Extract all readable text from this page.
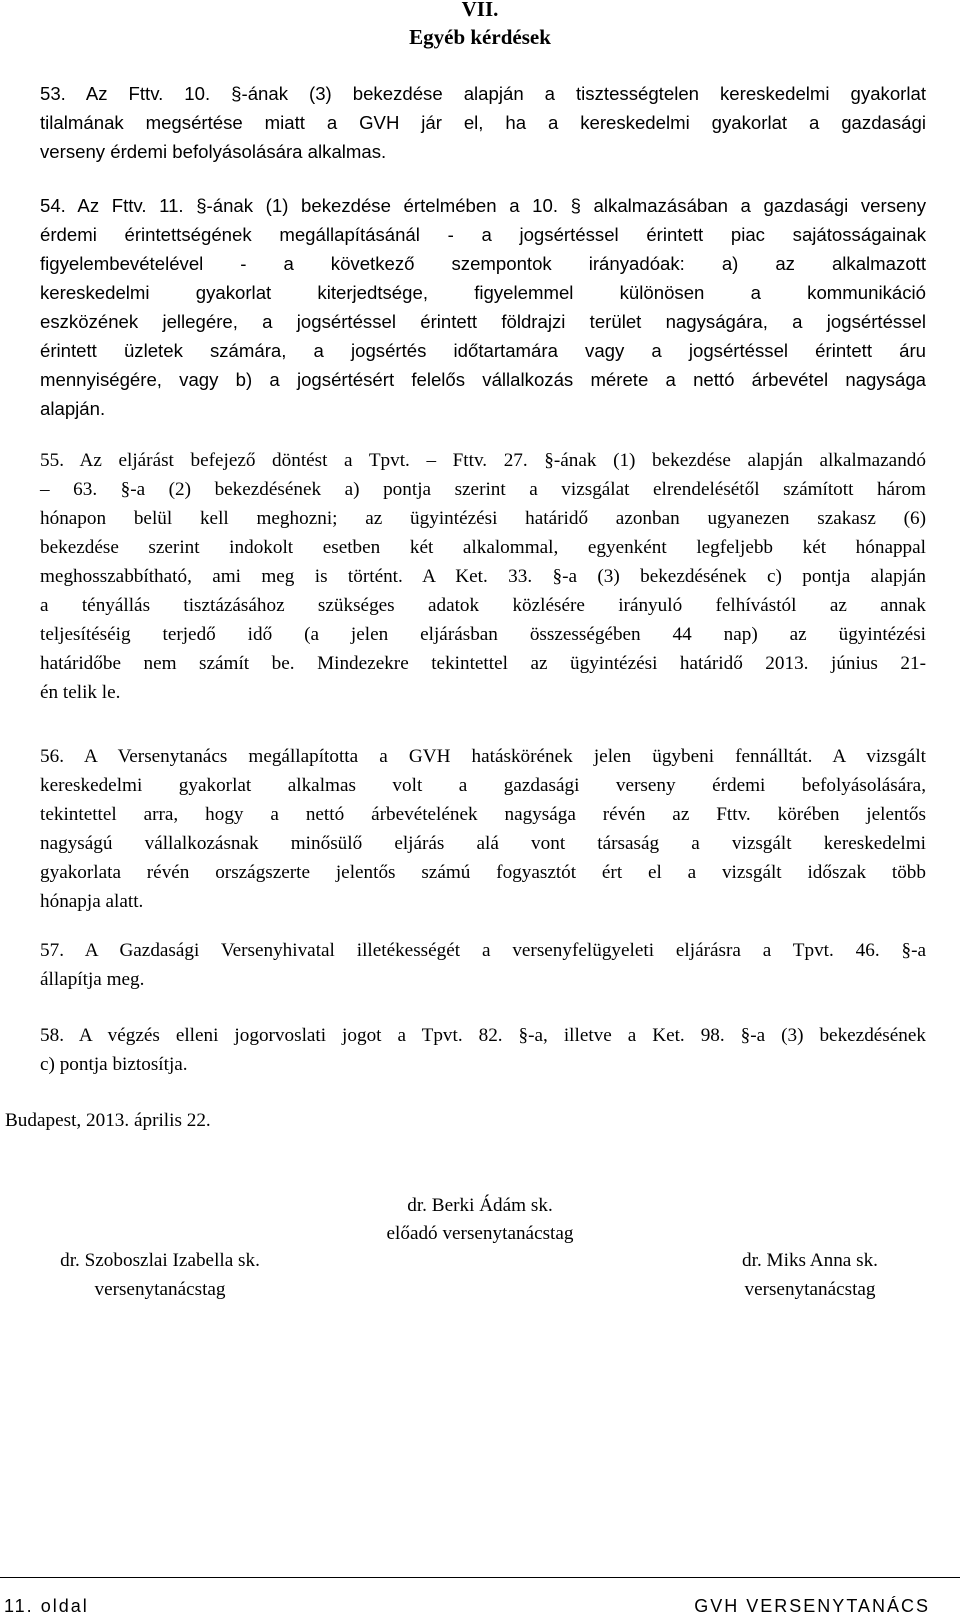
VII.
Egyéb kérdések
53. Az Fttv. 10. §-ának (3) bekezdése alapján a tisztességtelen kereskedelmi gyakorlat
tilalmának megsértése miatt a GVH jár el, ha a kereskedelmi gyakorlat a gazdasági
verseny érdemi befolyásolására alkalmas.
54. Az Fttv. 11. §-ának (1) bekezdése értelmében a 10. § alkalmazásában a gazdasági verseny
érdemi érintettségének megállapításánál - a jogsértéssel érintett piac sajátosságainak
figyelembevételével - a következő szempontok irányadóak: a) az alkalmazott
kereskedelmi gyakorlat kiterjedtsége, figyelemmel különösen a kommunikáció
eszközének jellegére, a jogsértéssel érintett földrajzi terület nagyságára, a jogsértéssel
érintett üzletek számára, a jogsértés időtartamára vagy a jogsértéssel érintett áru
mennyiségére, vagy b) a jogsértésért felelős vállalkozás mérete a nettó árbevétel nagysága
alapján.
55. Az eljárást befejező döntést a Tpvt. – Fttv. 27. §-ának (1) bekezdése alapján alkalmazandó
– 63. §-a (2) bekezdésének a) pontja szerint a vizsgálat elrendelésétől számított három
hónapon belül kell meghozni; az ügyintézési határidő azonban ugyanezen szakasz (6)
bekezdése szerint indokolt esetben két alkalommal, egyenként legfeljebb két hónappal
meghosszabbítható, ami meg is történt. A Ket. 33. §-a (3) bekezdésének c) pontja alapján
a tényállás tisztázásához szükséges adatok közlésére irányuló felhívástól az annak
teljesítéséig terjedő idő (a jelen eljárásban összességében 44 nap) az ügyintézési
határidőbe nem számít be. Mindezekre tekintettel az ügyintézési határidő 2013. június 21-
én telik le.
56. A Versenytanács megállapította a GVH hatáskörének jelen ügybeni fennálltát. A vizsgált
kereskedelmi gyakorlat alkalmas volt a gazdasági verseny érdemi befolyásolására,
tekintettel arra, hogy a nettó árbevételének nagysága révén az Fttv. körében jelentős
nagyságú vállalkozásnak minősülő eljárás alá vont társaság a vizsgált kereskedelmi
gyakorlata révén országszerte jelentős számú fogyasztót ért el a vizsgált időszak több
hónapja alatt.
57. A Gazdasági Versenyhivatal illetékességét a versenyfelügyeleti eljárásra a Tpvt. 46. §-a
állapítja meg.
58. A végzés elleni jogorvoslati jogot a Tpvt. 82. §-a, illetve a Ket. 98. §-a (3) bekezdésének
c) pontja biztosítja.
Budapest, 2013. április 22.
dr. Berki Ádám sk.
előadó versenytanácstag
dr. Szoboszlai Izabella sk.
versenytanácstag
dr. Miks Anna sk.
versenytanácstag
11. oldal	GVH VERSENYTANÁCS
